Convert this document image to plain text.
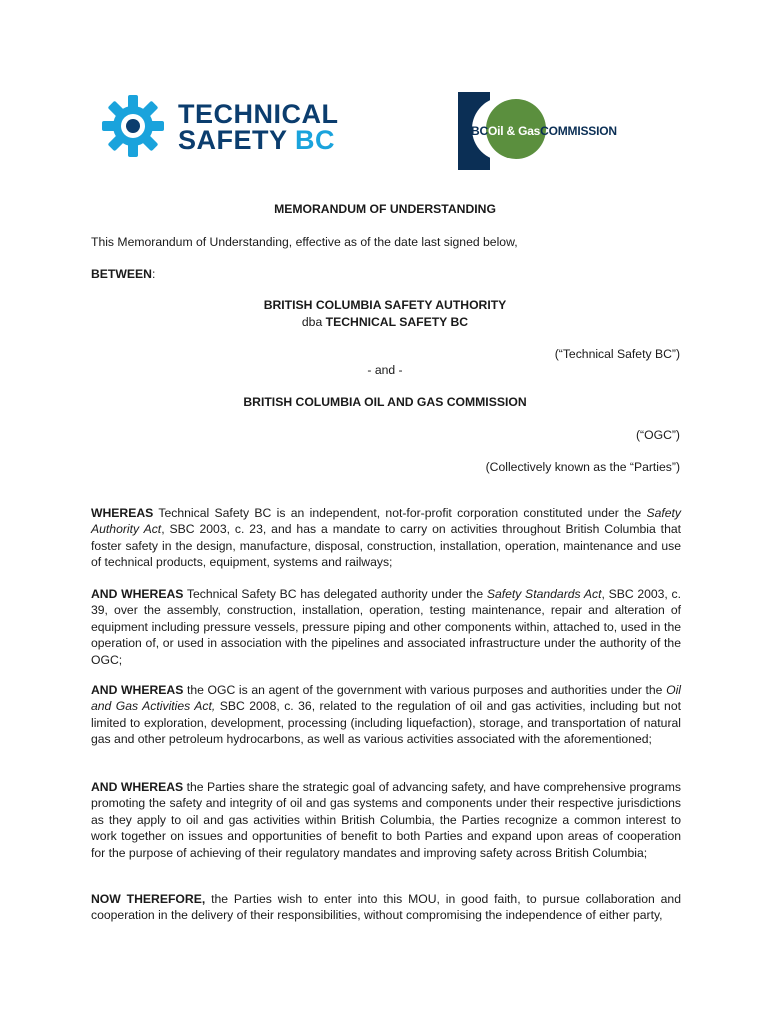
TECHNICAL
SAFETY BC	BCOil & GasCOMMISSION

MEMORANDUM OF UNDERSTANDING

This Memorandum of Understanding, effective as of the date last signed below,

BETWEEN:

BRITISH COLUMBIA SAFETY AUTHORITY

dba TECHNICAL SAFETY BC

(“Technical Safety BC”)

- and -

BRITISH COLUMBIA OIL AND GAS COMMISSION

(“OGC”)

(Collectively known as the “Parties”)

WHEREAS Technical Safety BC is an independent, not-for-profit corporation constituted under the Safety Authority Act, SBC 2003, c. 23, and has a mandate to carry on activities throughout British Columbia that foster safety in the design, manufacture, disposal, construction, installation, operation, maintenance and use of technical products, equipment, systems and railways;

AND WHEREAS Technical Safety BC has delegated authority under the Safety Standards Act, SBC 2003, c. 39, over the assembly, construction, installation, operation, testing maintenance, repair and alteration of equipment including pressure vessels, pressure piping and other components within, attached to, used in the operation of, or used in association with the pipelines and associated infrastructure under the authority of the OGC;

AND WHEREAS the OGC is an agent of the government with various purposes and authorities under the Oil and Gas Activities Act, SBC 2008, c. 36, related to the regulation of oil and gas activities, including but not limited to exploration, development, processing (including liquefaction), storage, and transportation of natural gas and other petroleum hydrocarbons, as well as various activities associated with the aforementioned;

AND WHEREAS the Parties share the strategic goal of advancing safety, and have comprehensive programs promoting the safety and integrity of oil and gas systems and components under their respective jurisdictions as they apply to oil and gas activities within British Columbia, the Parties recognize a common interest to work together on issues and opportunities of benefit to both Parties and expand upon areas of cooperation for the purpose of achieving of their regulatory mandates and improving safety across British Columbia;

NOW THEREFORE, the Parties wish to enter into this MOU, in good faith, to pursue collaboration and cooperation in the delivery of their responsibilities, without compromising the independence of either party,
